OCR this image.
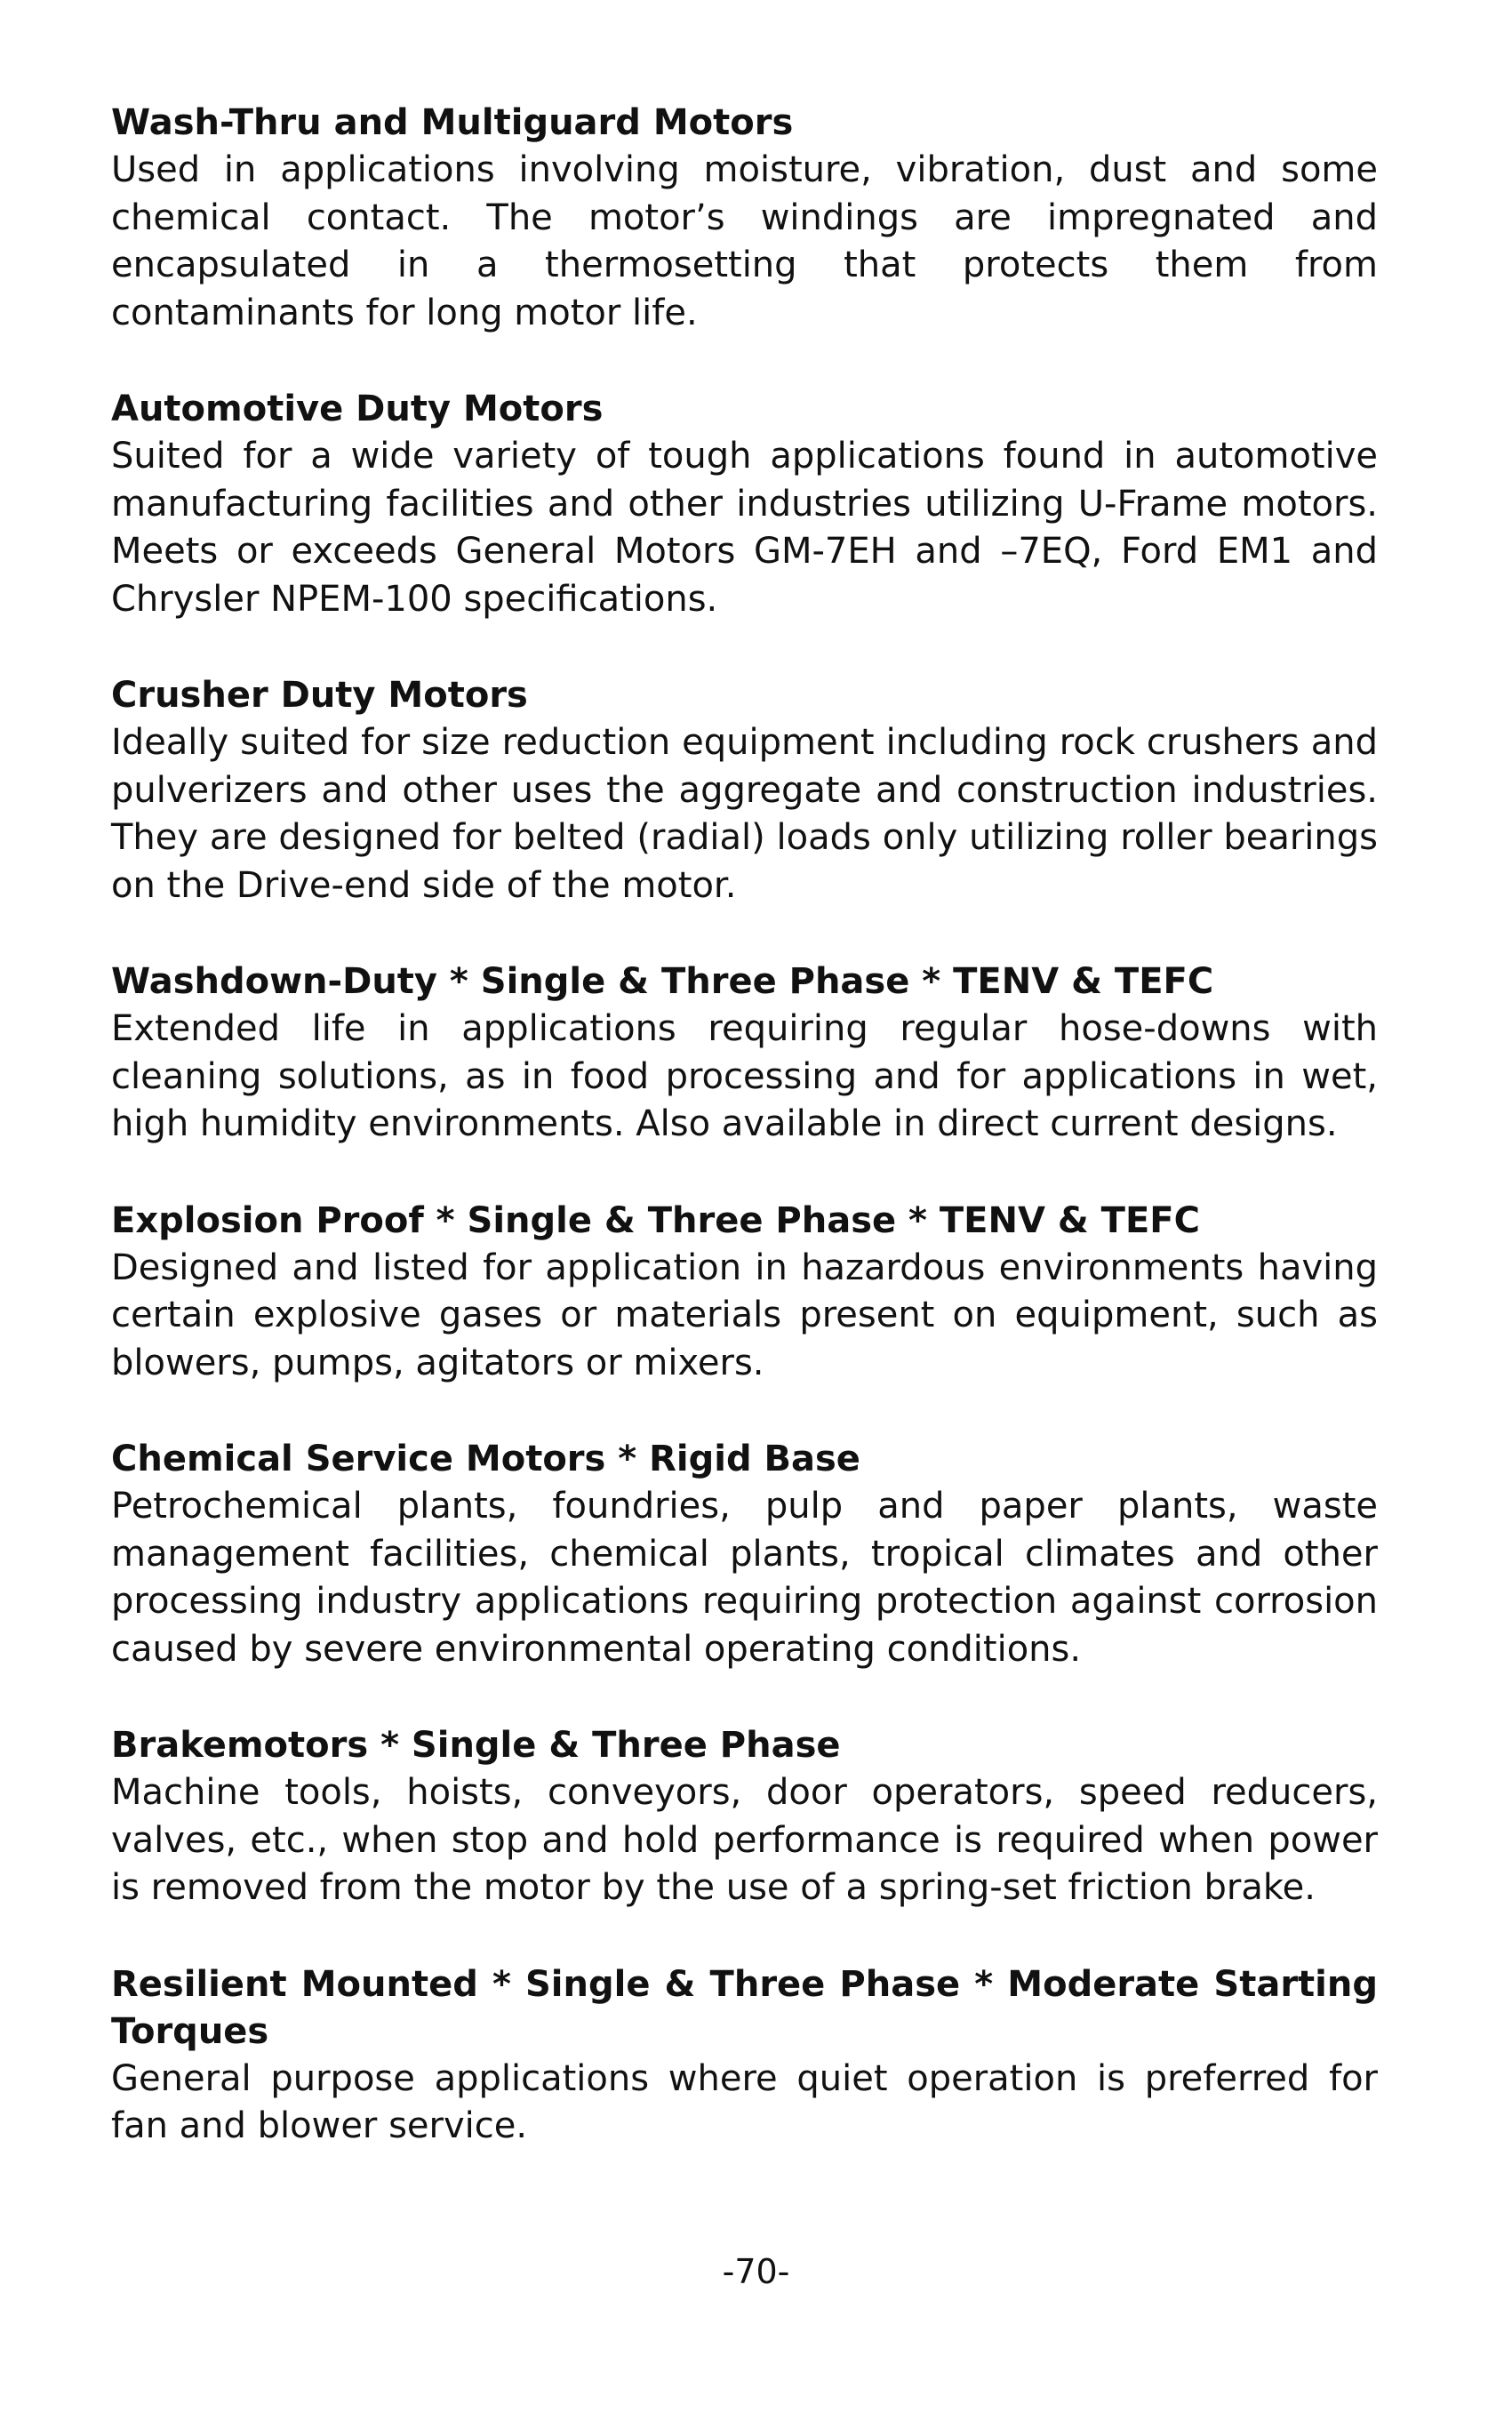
Wash-Thru and Multiguard Motors

Used in applications involving moisture, vibration, dust and some chemical contact. The motor’s windings are impregnated and encapsulated in a thermosetting that protects them from contaminants for long motor life.

Automotive Duty Motors

Suited for a wide variety of tough applications found in automotive manufacturing facilities and other industries utilizing U-Frame motors. Meets or exceeds General Motors GM-7EH and –7EQ, Ford EM1 and Chrysler NPEM-100 specifications.

Crusher Duty Motors

Ideally suited for size reduction equipment including rock crushers and pulverizers and other uses the aggregate and construction industries. They are designed for belted (radial) loads only utilizing roller bearings on the Drive-end side of the motor.

Washdown-Duty * Single & Three Phase * TENV & TEFC

Extended life in applications requiring regular hose-downs with cleaning solutions, as in food processing and for applications in wet, high humidity environments. Also available in direct current designs.

Explosion Proof * Single & Three Phase * TENV & TEFC

Designed and listed for application in hazardous environments having certain explosive gases or materials present on equipment, such as blowers, pumps, agitators or mixers.

Chemical Service Motors * Rigid Base

Petrochemical plants, foundries, pulp and paper plants, waste management facilities, chemical plants, tropical climates and other processing industry applications requiring protection against corrosion caused by severe environmental operating conditions.

Brakemotors * Single & Three Phase

Machine tools, hoists, conveyors, door operators, speed reducers, valves, etc., when stop and hold performance is required when power is removed from the motor by the use of a spring-set friction brake.

Resilient Mounted * Single & Three Phase * Moderate Starting Torques

General purpose applications where quiet operation is preferred for fan and blower service.

-70-
